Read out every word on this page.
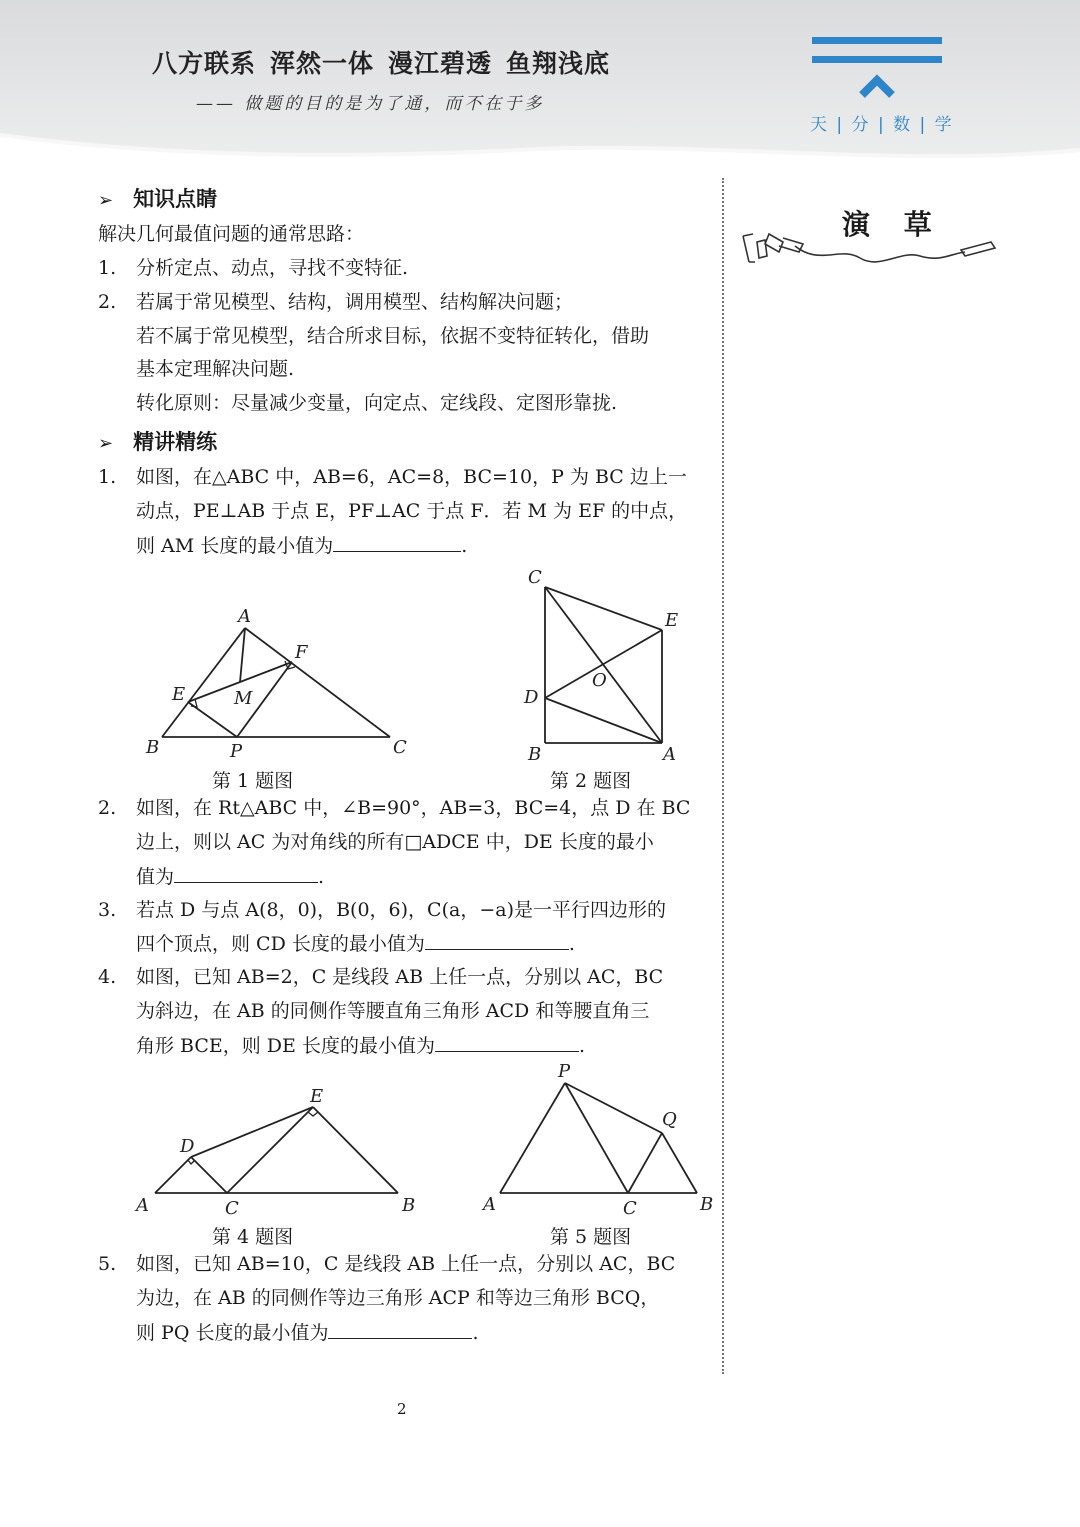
八方联系 浑然一体 漫江碧透 鱼翔浅底
—— 做题的目的是为了通，而不在于多
天 | 分 | 数 | 学
➢ 知识点睛
解决几何最值问题的通常思路：
1. 分析定点、动点，寻找不变特征.
2. 若属于常见模型、结构，调用模型、结构解决问题；
若不属于常见模型，结合所求目标，依据不变特征转化，借助
基本定理解决问题.
转化原则：尽量减少变量，向定点、定线段、定图形靠拢.
➢ 精讲精练
1. 如图，在△ABC 中，AB=6，AC=8，BC=10，P 为 BC 边上一
动点，PE⊥AB 于点 E，PF⊥AC 于点 F．若 M 为 EF 的中点，
则 AM 长度的最小值为	.
A
B	C
E
F
M
P
第 1 题图
C
E
O
D
B	A
第 2 题图
2. 如图，在 Rt△ABC 中，∠B=90°，AB=3，BC=4，点 D 在 BC
边上，则以 AC 为对角线的所有□ADCE 中，DE 长度的最小
值为	.
3. 若点 D 与点 A(8，0)，B(0，6)，C(a，−a)是一平行四边形的
四个顶点，则 CD 长度的最小值为	.
4. 如图，已知 AB=2，C 是线段 AB 上任一点，分别以 AC，BC
为斜边，在 AB 的同侧作等腰直角三角形 ACD 和等腰直角三
角形 BCE，则 DE 长度的最小值为	.
D
E
A	C	B
第 4 题图
P
Q
A	C	B
第 5 题图
5. 如图，已知 AB=10，C 是线段 AB 上任一点，分别以 AC，BC
为边，在 AB 的同侧作等边三角形 ACP 和等边三角形 BCQ，
则 PQ 长度的最小值为	.
演 草
2
